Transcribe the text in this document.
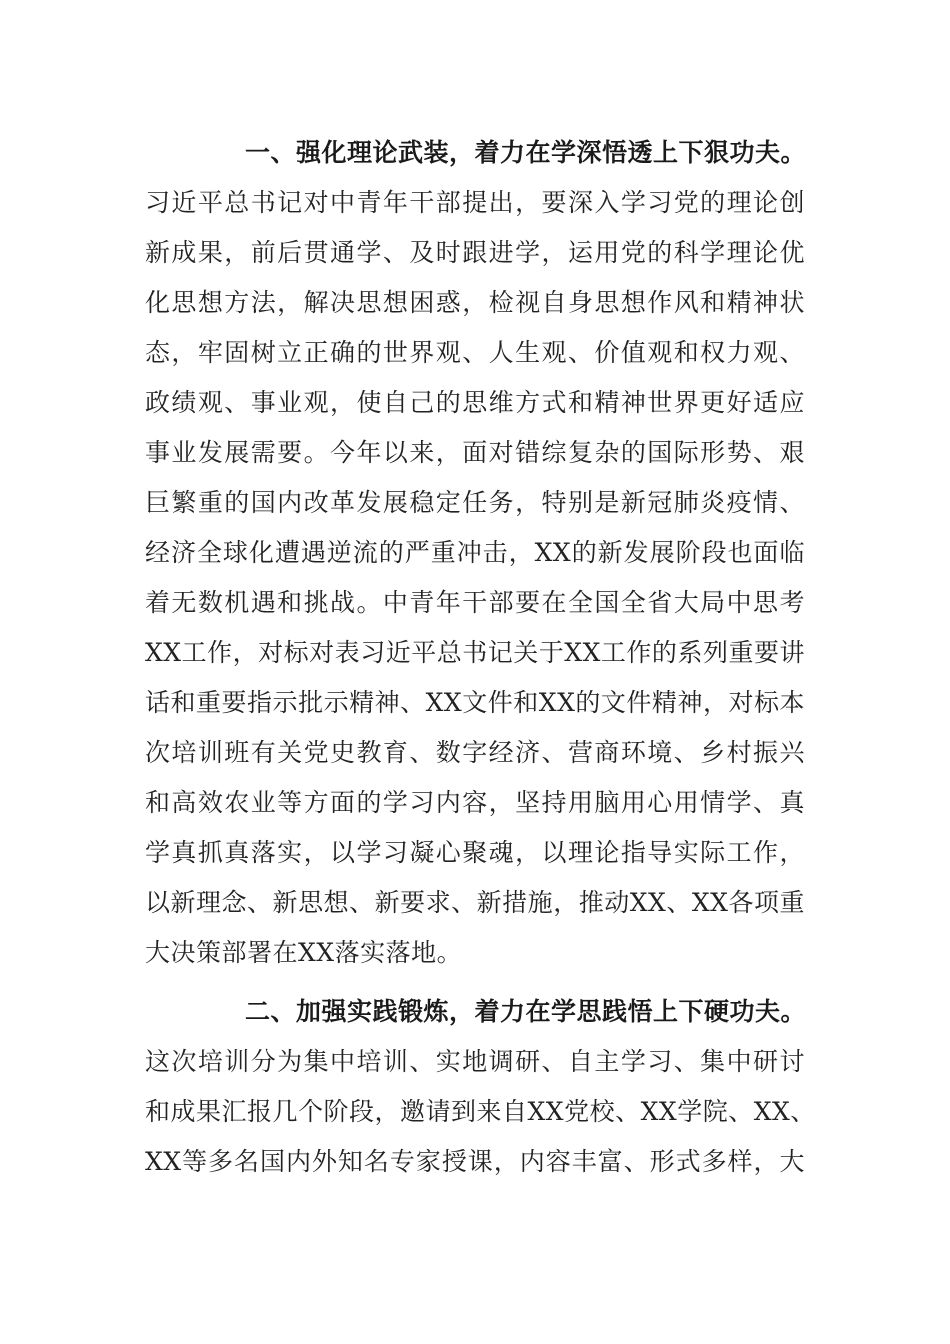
一、强化理论武装，着力在学深悟透上下狠功夫。
习近平总书记对中青年干部提出，要深入学习党的理论创
新成果，前后贯通学、及时跟进学，运用党的科学理论优
化思想方法，解决思想困惑，检视自身思想作风和精神状
态，牢固树立正确的世界观、人生观、价值观和权力观、
政绩观、事业观，使自己的思维方式和精神世界更好适应
事业发展需要。今年以来，面对错综复杂的国际形势、艰
巨繁重的国内改革发展稳定任务，特别是新冠肺炎疫情、
经济全球化遭遇逆流的严重冲击，XX的新发展阶段也面临
着无数机遇和挑战。中青年干部要在全国全省大局中思考
XX工作，对标对表习近平总书记关于XX工作的系列重要讲
话和重要指示批示精神、XX文件和XX的文件精神，对标本
次培训班有关党史教育、数字经济、营商环境、乡村振兴
和高效农业等方面的学习内容，坚持用脑用心用情学、真
学真抓真落实，以学习凝心聚魂，以理论指导实际工作，
以新理念、新思想、新要求、新措施，推动XX、XX各项重
大决策部署在XX落实落地。
二、加强实践锻炼，着力在学思践悟上下硬功夫。
这次培训分为集中培训、实地调研、自主学习、集中研讨
和成果汇报几个阶段，邀请到来自XX党校、XX学院、XX、
XX等多名国内外知名专家授课，内容丰富、形式多样，大
